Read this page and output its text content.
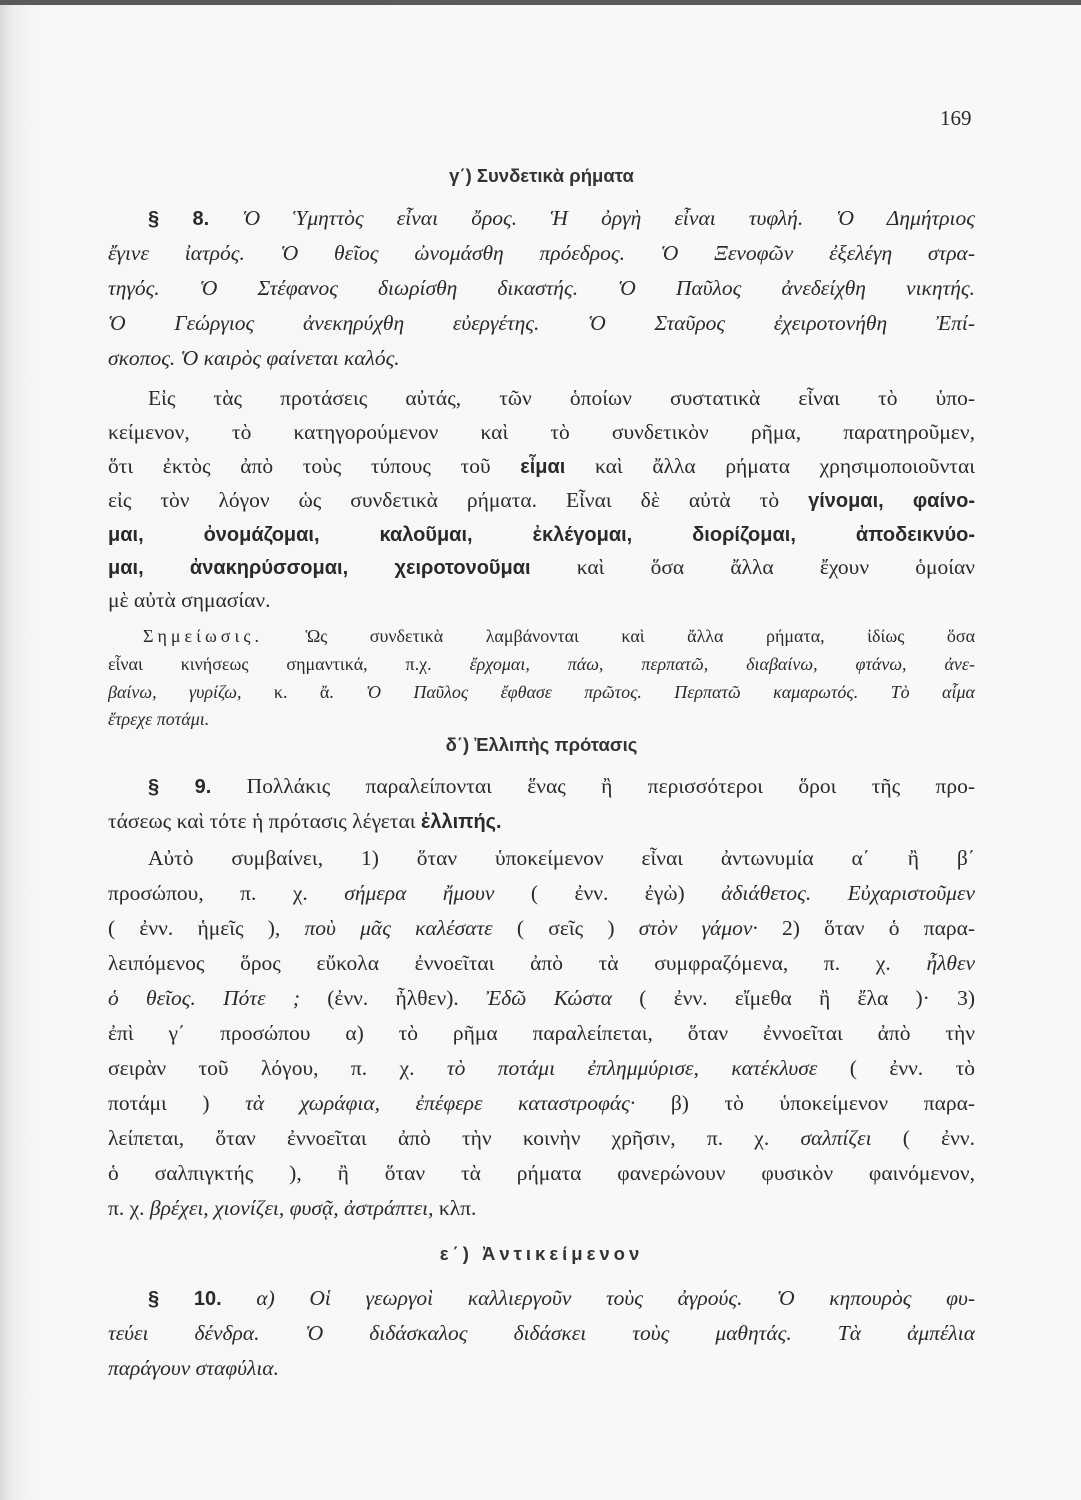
169
γ΄) Συνδετικὰ ρήματα
δ΄) Ἐλλιπὴς πρότασις
ε΄) Ἀντικείμενον
§ 8. Ὁ Ὑμηττὸς εἶναι ὄρος. Ἡ ὀργὴ εἶναι τυφλή. Ὁ Δημήτριος
ἔγινε ἰατρός. Ὁ θεῖος ὠνομάσθη πρόεδρος. Ὁ Ξενοφῶν ἐξελέγη στρα-
τηγός. Ὁ Στέφανος διωρίσθη δικαστής. Ὁ Παῦλος ἀνεδείχθη νικητής.
Ὁ Γεώργιος ἀνεκηρύχθη εὐεργέτης. Ὁ Σταῦρος ἐχειροτονήθη Ἐπί-
σκοπος. Ὁ καιρὸς φαίνεται καλός.
Εἰς τὰς προτάσεις αὐτάς, τῶν ὁποίων συστατικὰ εἶναι τὸ ὑπο-
κείμενον, τὸ κατηγορούμενον καὶ τὸ συνδετικὸν ρῆμα, παρατηροῦμεν,
ὅτι ἐκτὸς ἀπὸ τοὺς τύπους τοῦ εἶμαι καὶ ἄλλα ρήματα χρησιμοποιοῦνται
εἰς τὸν λόγον ὡς συνδετικὰ ρήματα. Εἶναι δὲ αὐτὰ τὸ γίνομαι, φαίνο-
μαι, ὀνομάζομαι, καλοῦμαι, ἐκλέγομαι, διορίζομαι, ἀποδεικνύο-
μαι, ἀνακηρύσσομαι, χειροτονοῦμαι καὶ ὅσα ἄλλα ἔχουν ὁμοίαν
μὲ αὐτὰ σημασίαν.
Σημείωσις. Ὡς συνδετικὰ λαμβάνονται καὶ ἄλλα ρήματα, ἰδίως ὅσα
εἶναι κινήσεως σημαντικά, π.χ. ἔρχομαι, πάω, περπατῶ, διαβαίνω, φτάνω, ἀνε-
βαίνω, γυρίζω, κ. ἄ. Ὁ Παῦλος ἔφθασε πρῶτος. Περπατῶ καμαρωτός. Τὸ αἷμα
ἔτρεχε ποτάμι.
§ 9. Πολλάκις παραλείπονται ἕνας ἢ περισσότεροι ὅροι τῆς προ-
τάσεως καὶ τότε ἡ πρότασις λέγεται ἐλλιπής.
Αὐτὸ συμβαίνει, 1) ὅταν ὑποκείμενον εἶναι ἀντωνυμία α΄ ἢ β΄
προσώπου, π. χ. σήμερα ἤμουν ( ἐνν. ἐγὼ) ἀδιάθετος. Εὐχαριστοῦμεν
( ἐνν. ἡμεῖς ), ποὺ μᾶς καλέσατε ( σεῖς ) στὸν γάμον· 2) ὅταν ὁ παρα-
λειπόμενος ὅρος εὔκολα ἐννοεῖται ἀπὸ τὰ συμφραζόμενα, π. χ. ἦλθεν
ὁ θεῖος. Πότε ; (ἐνν. ἦλθεν). Ἐδῶ Κώστα ( ἐνν. εἴμεθα ἢ ἔλα )· 3)
ἐπὶ γ΄ προσώπου α) τὸ ρῆμα παραλείπεται, ὅταν ἐννοεῖται ἀπὸ τὴν
σειρὰν τοῦ λόγου, π. χ. τὸ ποτάμι ἐπλημμύρισε, κατέκλυσε ( ἐνν. τὸ
ποτάμι ) τὰ χωράφια, ἐπέφερε καταστροφάς· β) τὸ ὑποκείμενον παρα-
λείπεται, ὅταν ἐννοεῖται ἀπὸ τὴν κοινὴν χρῆσιν, π. χ. σαλπίζει ( ἐνν.
ὁ σαλπιγκτής ), ἢ ὅταν τὰ ρήματα φανερώνουν φυσικὸν φαινόμενον,
π. χ. βρέχει, χιονίζει, φυσᾷ, ἀστράπτει, κλπ.
§ 10. α) Οἱ γεωργοὶ καλλιεργοῦν τοὺς ἀγρούς. Ὁ κηπουρὸς φυ-
τεύει δένδρα. Ὁ διδάσκαλος διδάσκει τοὺς μαθητάς. Τὰ ἀμπέλια
παράγουν σταφύλια.
